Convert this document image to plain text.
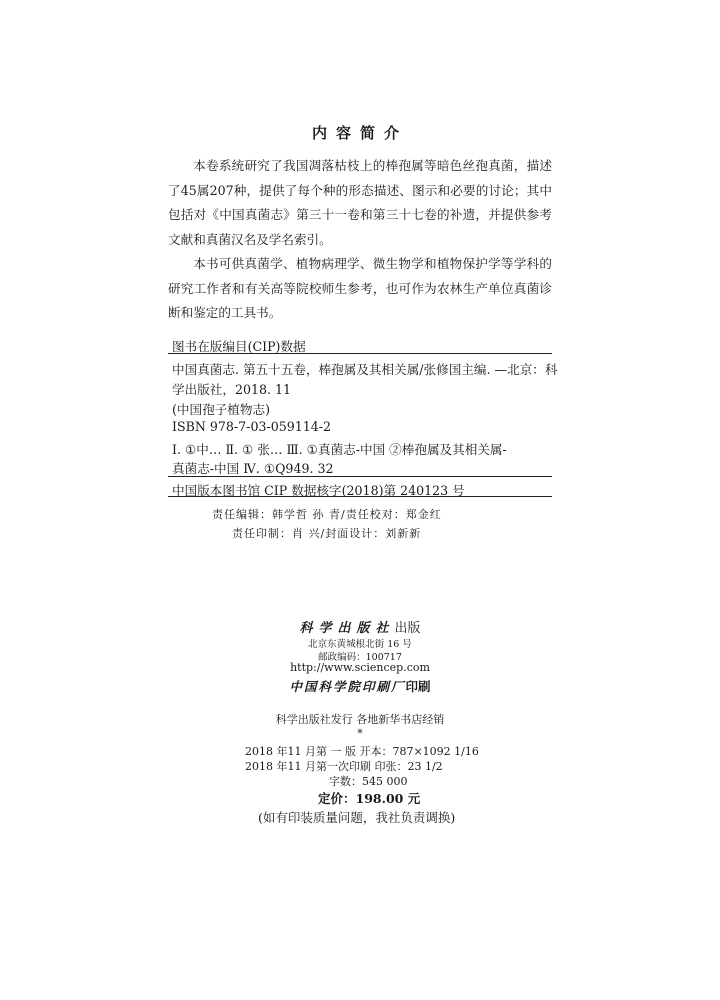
内容简介

本卷系统研究了我国凋落枯枝上的棒孢属等暗色丝孢真菌，描述了45属207种，提供了每个种的形态描述、图示和必要的讨论；其中包括对《中国真菌志》第三十一卷和第三十七卷的补遗，并提供参考文献和真菌汉名及学名索引。

本书可供真菌学、植物病理学、微生物学和植物保护学等学科的研究工作者和有关高等院校师生参考，也可作为农林生产单位真菌诊断和鉴定的工具书。

图书在版编目(CIP)数据
中国真菌志. 第五十五卷，棒孢属及其相关属/张修国主编. —北京：科
学出版社，2018. 11
(中国孢子植物志)
ISBN 978-7-03-059114-2
Ⅰ. ①中… Ⅱ. ① 张… Ⅲ. ①真菌志-中国 ②棒孢属及其相关属-
真菌志-中国 Ⅳ. ①Q949. 32
中国版本图书馆 CIP 数据核字(2018)第 240123 号
责任编辑：韩学哲 孙 青/责任校对：郑金红
责任印制：肖 兴/封面设计：刘新新
科学出版社出版
北京东黄城根北街 16 号
邮政编码：100717
http://www.sciencep.com
中国科学院印刷厂印刷
科学出版社发行 各地新华书店经销
*
2018 年11 月第 一 版 开本：787×1092 1/16
2018 年11 月第一次印刷 印张：23 1/2
字数：545 000
定价：198.00 元
(如有印装质量问题，我社负责调换)
